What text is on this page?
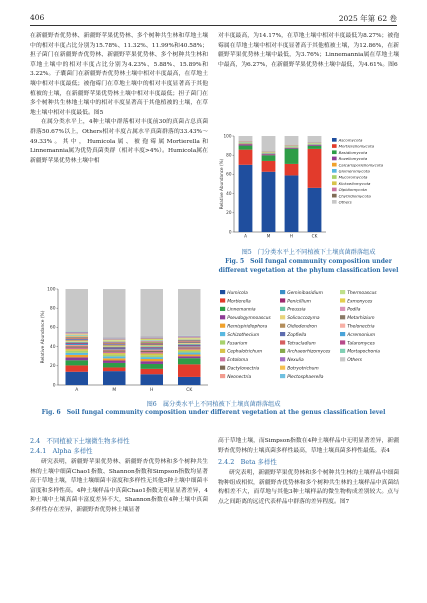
406	2025 年第 62 卷

在新疆野杏优势林、新疆野苹果优势林、多个树种共生林和草地土壤中的相对丰度占比分别为15.78%、11.32%、11.99%和40.58%；担子菌门在新疆野杏优势林、新疆野苹果优势林、多个树种共生林和草地土壤中的相对丰度占比分别为4.23%、5.88%、15.89%和3.22%。子囊菌门在新疆野杏优势林土壤中相对丰度最高，在草地土壤中相对丰度最低；被孢霉门在草地土壤中的相对丰度显著高于其他植被的土壤，在新疆野苹果优势林土壤中相对丰度最低；担子菌门在多个树种共生林地土壤中的相对丰度显著高于其他植被的土壤，在草地土壤中相对丰度最低。图5

在属分类水平上，4种土壤中群落相对丰度前30的真菌占总真菌群落50.67%以上，Others相对丰度占属水平真菌群落的33.43%～49.33%。其中，Humicola属、被孢霉属Mortierella和Linnemannia属为优势真菌类群（相对丰度>4%）。Humicola属在新疆野苹果优势林土壤中相

对丰度最高，为14.17%，在草地土壤中相对丰度最低为8.27%；被孢霉属在草地土壤中相对丰度显著高于其他植被土壤，为12.86%，在新疆野苹果优势林土壤中最低，为3.76%；Linnemannia属在草地土壤中最高，为6.27%，在新疆野苹果优势林土壤中最低，为4.61%。图6

0
20
40
60
80
100
Relative Abundance (%)
A	M	H	CK
Ascomycota
Mortierellomycota
Basidiomycota
Rozellomycota
Calcarisporiellomycota
Glomeromycota
Mucoromycota
Kickxellomycota
Olpidiomycota
Chytridiomycota
Others
图5　门分类水平上不同植被下土壤真菌群落组成
Fig. 5　Soil fungal community composition under different vegetation at the phylum classification level
0
20
40
60
80
100
Relative Abundance (%)
A	M	H	CK
Humicola
Mortierella
Linnemannia
Pseudogymnoascus
Remispiridiophora
Schizothecium
Fusarium
Cephalotrichum
Entoloma
Dactylonectria
Neonectria
Geminibasidium
Penicillium
Preussia
Solicoccozyma
Oidiodendron
Zopfiella
Tetracladium
Archaeorhizomyces
Nexulia
Botryotrichum
Plectosphaerella
Thermoascus
Exmonyces
Podila
Metarhizium
Thelonectria
Acremonium
Talaromyces
Mortapochonia
Others
图6　属分类水平上不同植被下土壤真菌群落组成
Fig. 6　Soil fungal community composition under different vegetation at the genus classification level
2.4　不同植被下土壤微生物多样性
2.4.1　Alpha 多样性

研究表明，新疆野苹果优势林、新疆野杏优势林和多个树种共生林的土壤中细菌Chao1指数、Shannon指数和Simpson指数均显著高于草地土壤，草地土壤细菌丰富度和多样性无其他3种土壤中细菌丰富度和多样性高。4种土壤样品中真菌Chao1指数无明显显著差异，4种土壤中土壤真菌丰富度差异不大，Shannon指数在4种土壤中真菌多样性存在差异，新疆野杏优势林土壤显著

高于草地土壤，而Simpson指数在4种土壤样品中无明显著差异，新疆野杏优势林的土壤真菌多样性最高，草地土壤真菌多样性最低。表4

2.4.2　Beta 多样性

研究表明，新疆野苹果优势林和多个树种共生林的土壤样品中细菌物种组成相似，新疆野杏优势林和多个树种共生林的土壤样品中真菌结构相差不大，而草地与其他3种土壤样品的微生物构成差别较大。点与点之间距离的远近代表样品中群落的差异程度。图7
